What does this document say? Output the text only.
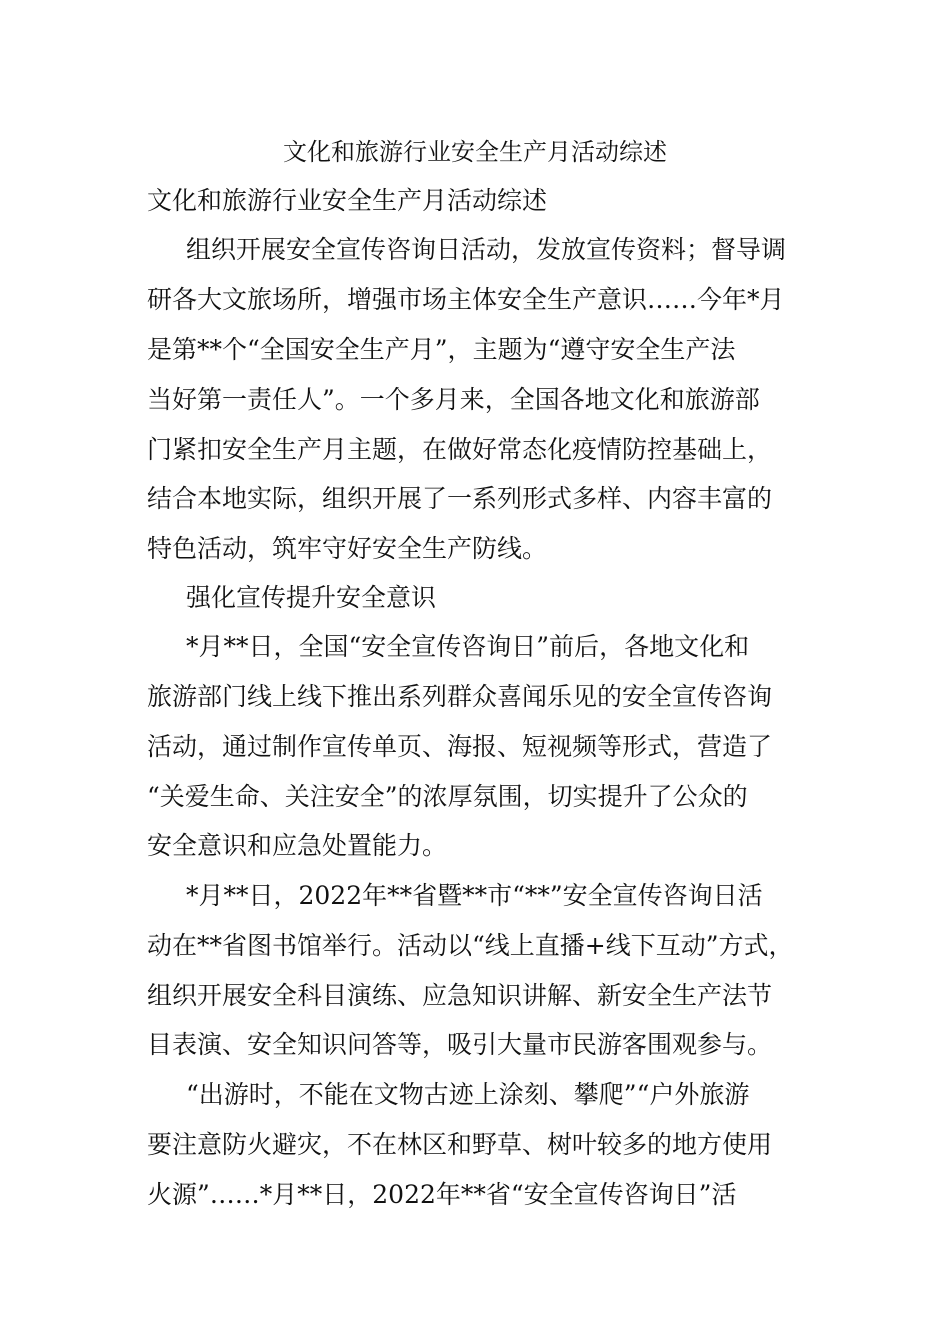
文化和旅游行业安全生产月活动综述

文化和旅游行业安全生产月活动综述

组织开展安全宣传咨询日活动，发放宣传资料；督导调

研各大文旅场所，增强市场主体安全生产意识……今年*月

是第**个“全国安全生产月”，主题为“遵守安全生产法

当好第一责任人”。一个多月来，全国各地文化和旅游部

门紧扣安全生产月主题，在做好常态化疫情防控基础上，

结合本地实际，组织开展了一系列形式多样、内容丰富的

特色活动，筑牢守好安全生产防线。

强化宣传提升安全意识

*月**日，全国“安全宣传咨询日”前后，各地文化和

旅游部门线上线下推出系列群众喜闻乐见的安全宣传咨询

活动，通过制作宣传单页、海报、短视频等形式，营造了

“关爱生命、关注安全”的浓厚氛围，切实提升了公众的

安全意识和应急处置能力。

*月**日，2022年**省暨**市“**”安全宣传咨询日活

动在**省图书馆举行。活动以“线上直播+线下互动”方式，

组织开展安全科目演练、应急知识讲解、新安全生产法节

目表演、安全知识问答等，吸引大量市民游客围观参与。

“出游时，不能在文物古迹上涂刻、攀爬”“户外旅游

要注意防火避灾，不在林区和野草、树叶较多的地方使用

火源”……*月**日，2022年**省“安全宣传咨询日”活
